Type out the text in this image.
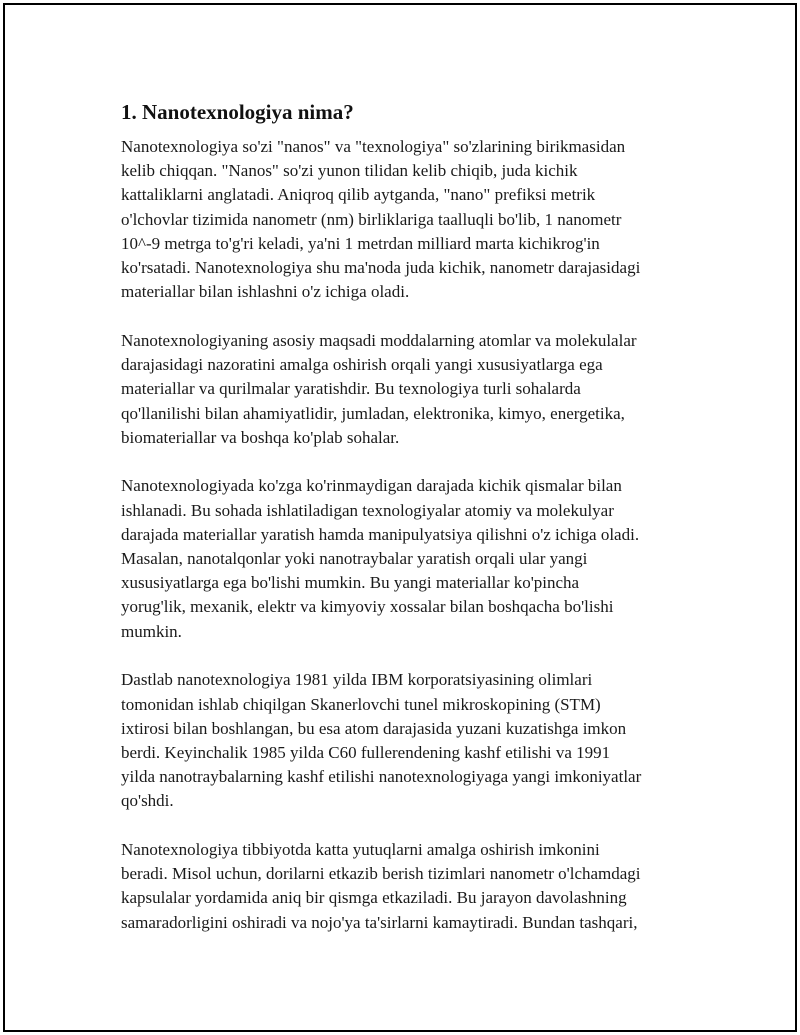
1. Nanotexnologiya nima?

Nanotexnologiya so'zi "nanos" va "texnologiya" so'zlarining birikmasidan
kelib chiqqan. "Nanos" so'zi yunon tilidan kelib chiqib, juda kichik
kattaliklarni anglatadi. Aniqroq qilib aytganda, "nano" prefiksi metrik
o'lchovlar tizimida nanometr (nm) birliklariga taalluqli bo'lib, 1 nanometr
10^-9 metrga to'g'ri keladi, ya'ni 1 metrdan milliard marta kichikrog'in
ko'rsatadi. Nanotexnologiya shu ma'noda juda kichik, nanometr darajasidagi
materiallar bilan ishlashni o'z ichiga oladi.

Nanotexnologiyaning asosiy maqsadi moddalarning atomlar va molekulalar
darajasidagi nazoratini amalga oshirish orqali yangi xususiyatlarga ega
materiallar va qurilmalar yaratishdir. Bu texnologiya turli sohalarda
qo'llanilishi bilan ahamiyatlidir, jumladan, elektronika, kimyo, energetika,
biomateriallar va boshqa ko'plab sohalar.

Nanotexnologiyada ko'zga ko'rinmaydigan darajada kichik qismalar bilan
ishlanadi. Bu sohada ishlatiladigan texnologiyalar atomiy va molekulyar
darajada materiallar yaratish hamda manipulyatsiya qilishni o'z ichiga oladi.
Masalan, nanotalqonlar yoki nanotraybalar yaratish orqali ular yangi
xususiyatlarga ega bo'lishi mumkin. Bu yangi materiallar ko'pincha
yorug'lik, mexanik, elektr va kimyoviy xossalar bilan boshqacha bo'lishi
mumkin.

Dastlab nanotexnologiya 1981 yilda IBM korporatsiyasining olimlari
tomonidan ishlab chiqilgan Skanerlovchi tunel mikroskopining (STM)
ixtirosi bilan boshlangan, bu esa atom darajasida yuzani kuzatishga imkon
berdi. Keyinchalik 1985 yilda C60 fullerendening kashf etilishi va 1991
yilda nanotraybalarning kashf etilishi nanotexnologiyaga yangi imkoniyatlar
qo'shdi.

Nanotexnologiya tibbiyotda katta yutuqlarni amalga oshirish imkonini
beradi. Misol uchun, dorilarni etkazib berish tizimlari nanometr o'lchamdagi
kapsulalar yordamida aniq bir qismga etkaziladi. Bu jarayon davolashning
samaradorligini oshiradi va nojo'ya ta'sirlarni kamaytiradi. Bundan tashqari,
